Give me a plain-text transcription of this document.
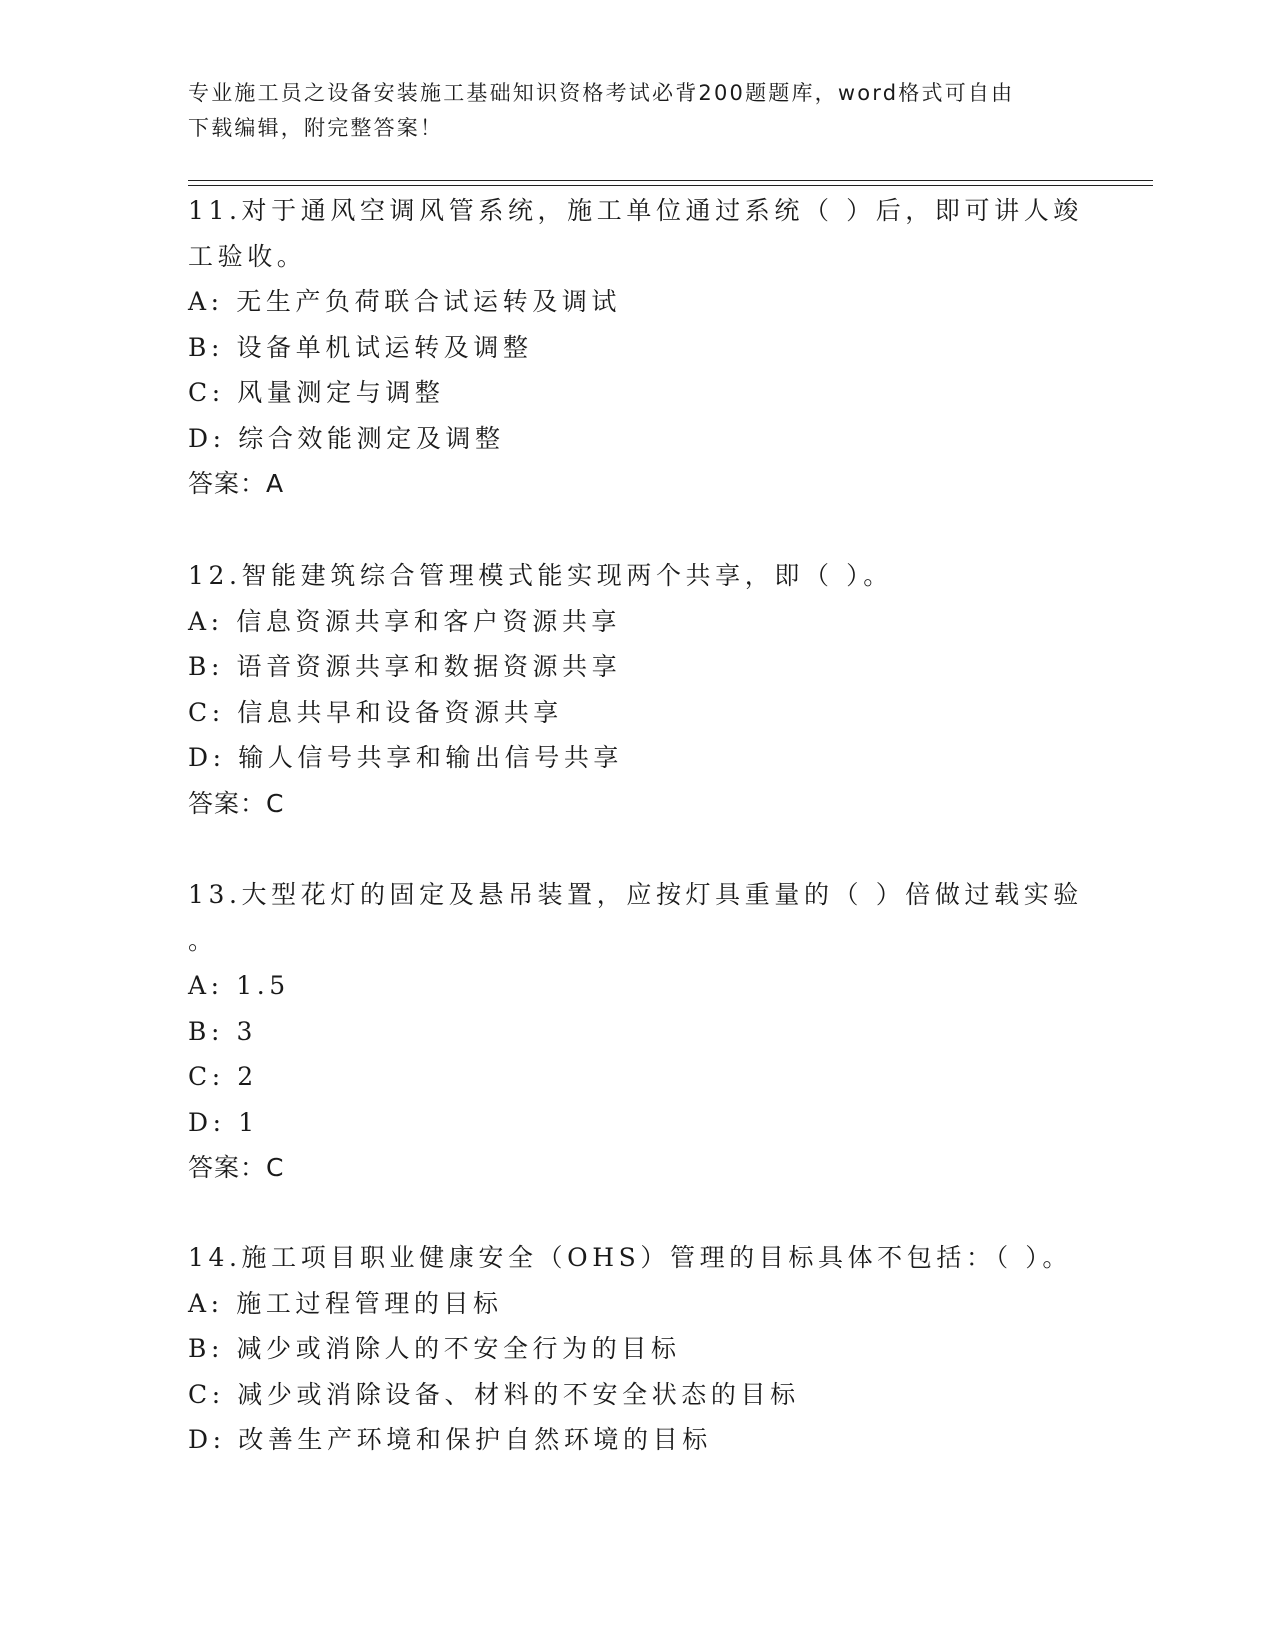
专业施工员之设备安装施工基础知识资格考试必背200题题库，word格式可自由
下载编辑，附完整答案！
11.对于通风空调风管系统，施工单位通过系统（ ）后，即可讲人竣
工验收。
A: 无生产负荷联合试运转及调试
B: 设备单机试运转及调整
C: 风量测定与调整
D: 综合效能测定及调整
答案：A
12.智能建筑综合管理模式能实现两个共享，即（ ）。
A: 信息资源共享和客户资源共享
B: 语音资源共享和数据资源共享
C: 信息共早和设备资源共享
D: 输人信号共享和输出信号共享
答案：C
13.大型花灯的固定及悬吊装置，应按灯具重量的（ ）倍做过载实验
。
A: 1.5
B: 3
C: 2
D: 1
答案：C
14.施工项目职业健康安全（OHS）管理的目标具体不包括：（ ）。
A: 施工过程管理的目标
B: 减少或消除人的不安全行为的目标
C: 减少或消除设备、材料的不安全状态的目标
D: 改善生产环境和保护自然环境的目标
